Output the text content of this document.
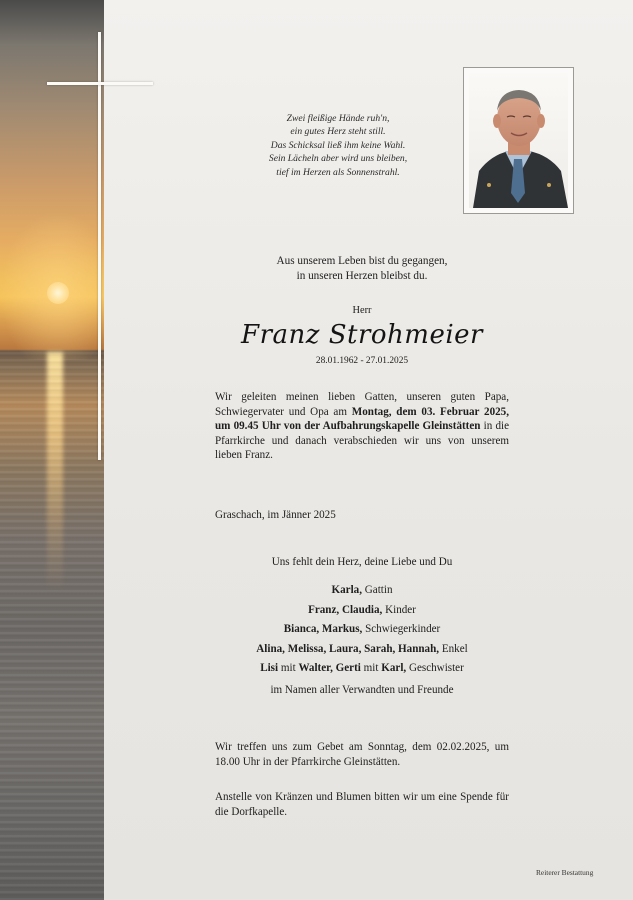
Zwei fleißige Hände ruh'n,
ein gutes Herz steht still.
Das Schicksal ließ ihm keine Wahl.
Sein Lächeln aber wird uns bleiben,
tief im Herzen als Sonnenstrahl.
Aus unserem Leben bist du gegangen,
in unseren Herzen bleibst du.
Herr
Franz Strohmeier
28.01.1962 - 27.01.2025
Wir geleiten meinen lieben Gatten, unseren guten Papa, Schwiegervater und Opa am Montag, dem 03. Februar 2025, um 09.45 Uhr von der Aufbahrungskapelle Gleinstätten in die Pfarrkirche und danach verabschieden wir uns von unserem lieben Franz.
Graschach, im Jänner 2025
Uns fehlt dein Herz, deine Liebe und Du
Karla, Gattin
Franz, Claudia, Kinder
Bianca, Markus, Schwiegerkinder
Alina, Melissa, Laura, Sarah, Hannah, Enkel
Lisi mit Walter, Gerti mit Karl, Geschwister
im Namen aller Verwandten und Freunde
Wir treffen uns zum Gebet am Sonntag, dem 02.02.2025, um 18.00 Uhr in der Pfarrkirche Gleinstätten.
Anstelle von Kränzen und Blumen bitten wir um eine Spende für die Dorfkapelle.
Reiterer Bestattung
